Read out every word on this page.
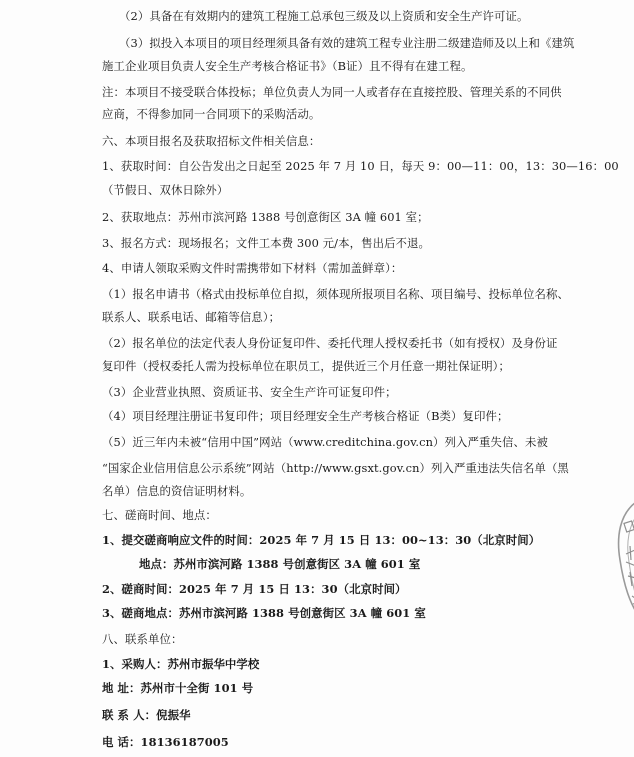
（2）具备在有效期内的建筑工程施工总承包三级及以上资质和安全生产许可证。
（3）拟投入本项目的项目经理须具备有效的建筑工程专业注册二级建造师及以上和《建筑
施工企业项目负责人安全生产考核合格证书》（B证）且不得有在建工程。
注：本项目不接受联合体投标；单位负责人为同一人或者存在直接控股、管理关系的不同供
应商，不得参加同一合同项下的采购活动。
六、本项目报名及获取招标文件相关信息：
1、获取时间：自公告发出之日起至 2025 年 7 月 10 日，每天 9：00—11：00，13：30—16：00
（节假日、双休日除外）
2、获取地点：苏州市滨河路 1388 号创意街区 3A 幢 601 室；
3、报名方式：现场报名；文件工本费 300 元/本，售出后不退。
4、申请人领取采购文件时需携带如下材料（需加盖鲜章）：
（1）报名申请书（格式由投标单位自拟，须体现所报项目名称、项目编号、投标单位名称、
联系人、联系电话、邮箱等信息）；
（2）报名单位的法定代表人身份证复印件、委托代理人授权委托书（如有授权）及身份证
复印件（授权委托人需为投标单位在职员工，提供近三个月任意一期社保证明）；
（3）企业营业执照、资质证书、安全生产许可证复印件；
（4）项目经理注册证书复印件；项目经理安全生产考核合格证（B类）复印件；
（5）近三年内未被“信用中国”网站（www.creditchina.gov.cn）列入严重失信、未被
“国家企业信用信息公示系统”网站（http://www.gsxt.gov.cn）列入严重违法失信名单（黑
名单）信息的资信证明材料。
七、磋商时间、地点：
1、提交磋商响应文件的时间：2025 年 7 月 15 日 13：00~13：30（北京时间）
地点：苏州市滨河路 1388 号创意街区 3A 幢 601 室
2、磋商时间：2025 年 7 月 15 日 13：30（北京时间）
3、磋商地点：苏州市滨河路 1388 号创意街区 3A 幢 601 室
八、联系单位：
1、采购人：苏州市振华中学校
地 址：苏州市十全街 101 号
联 系 人：倪振华
电 话：18136187005
